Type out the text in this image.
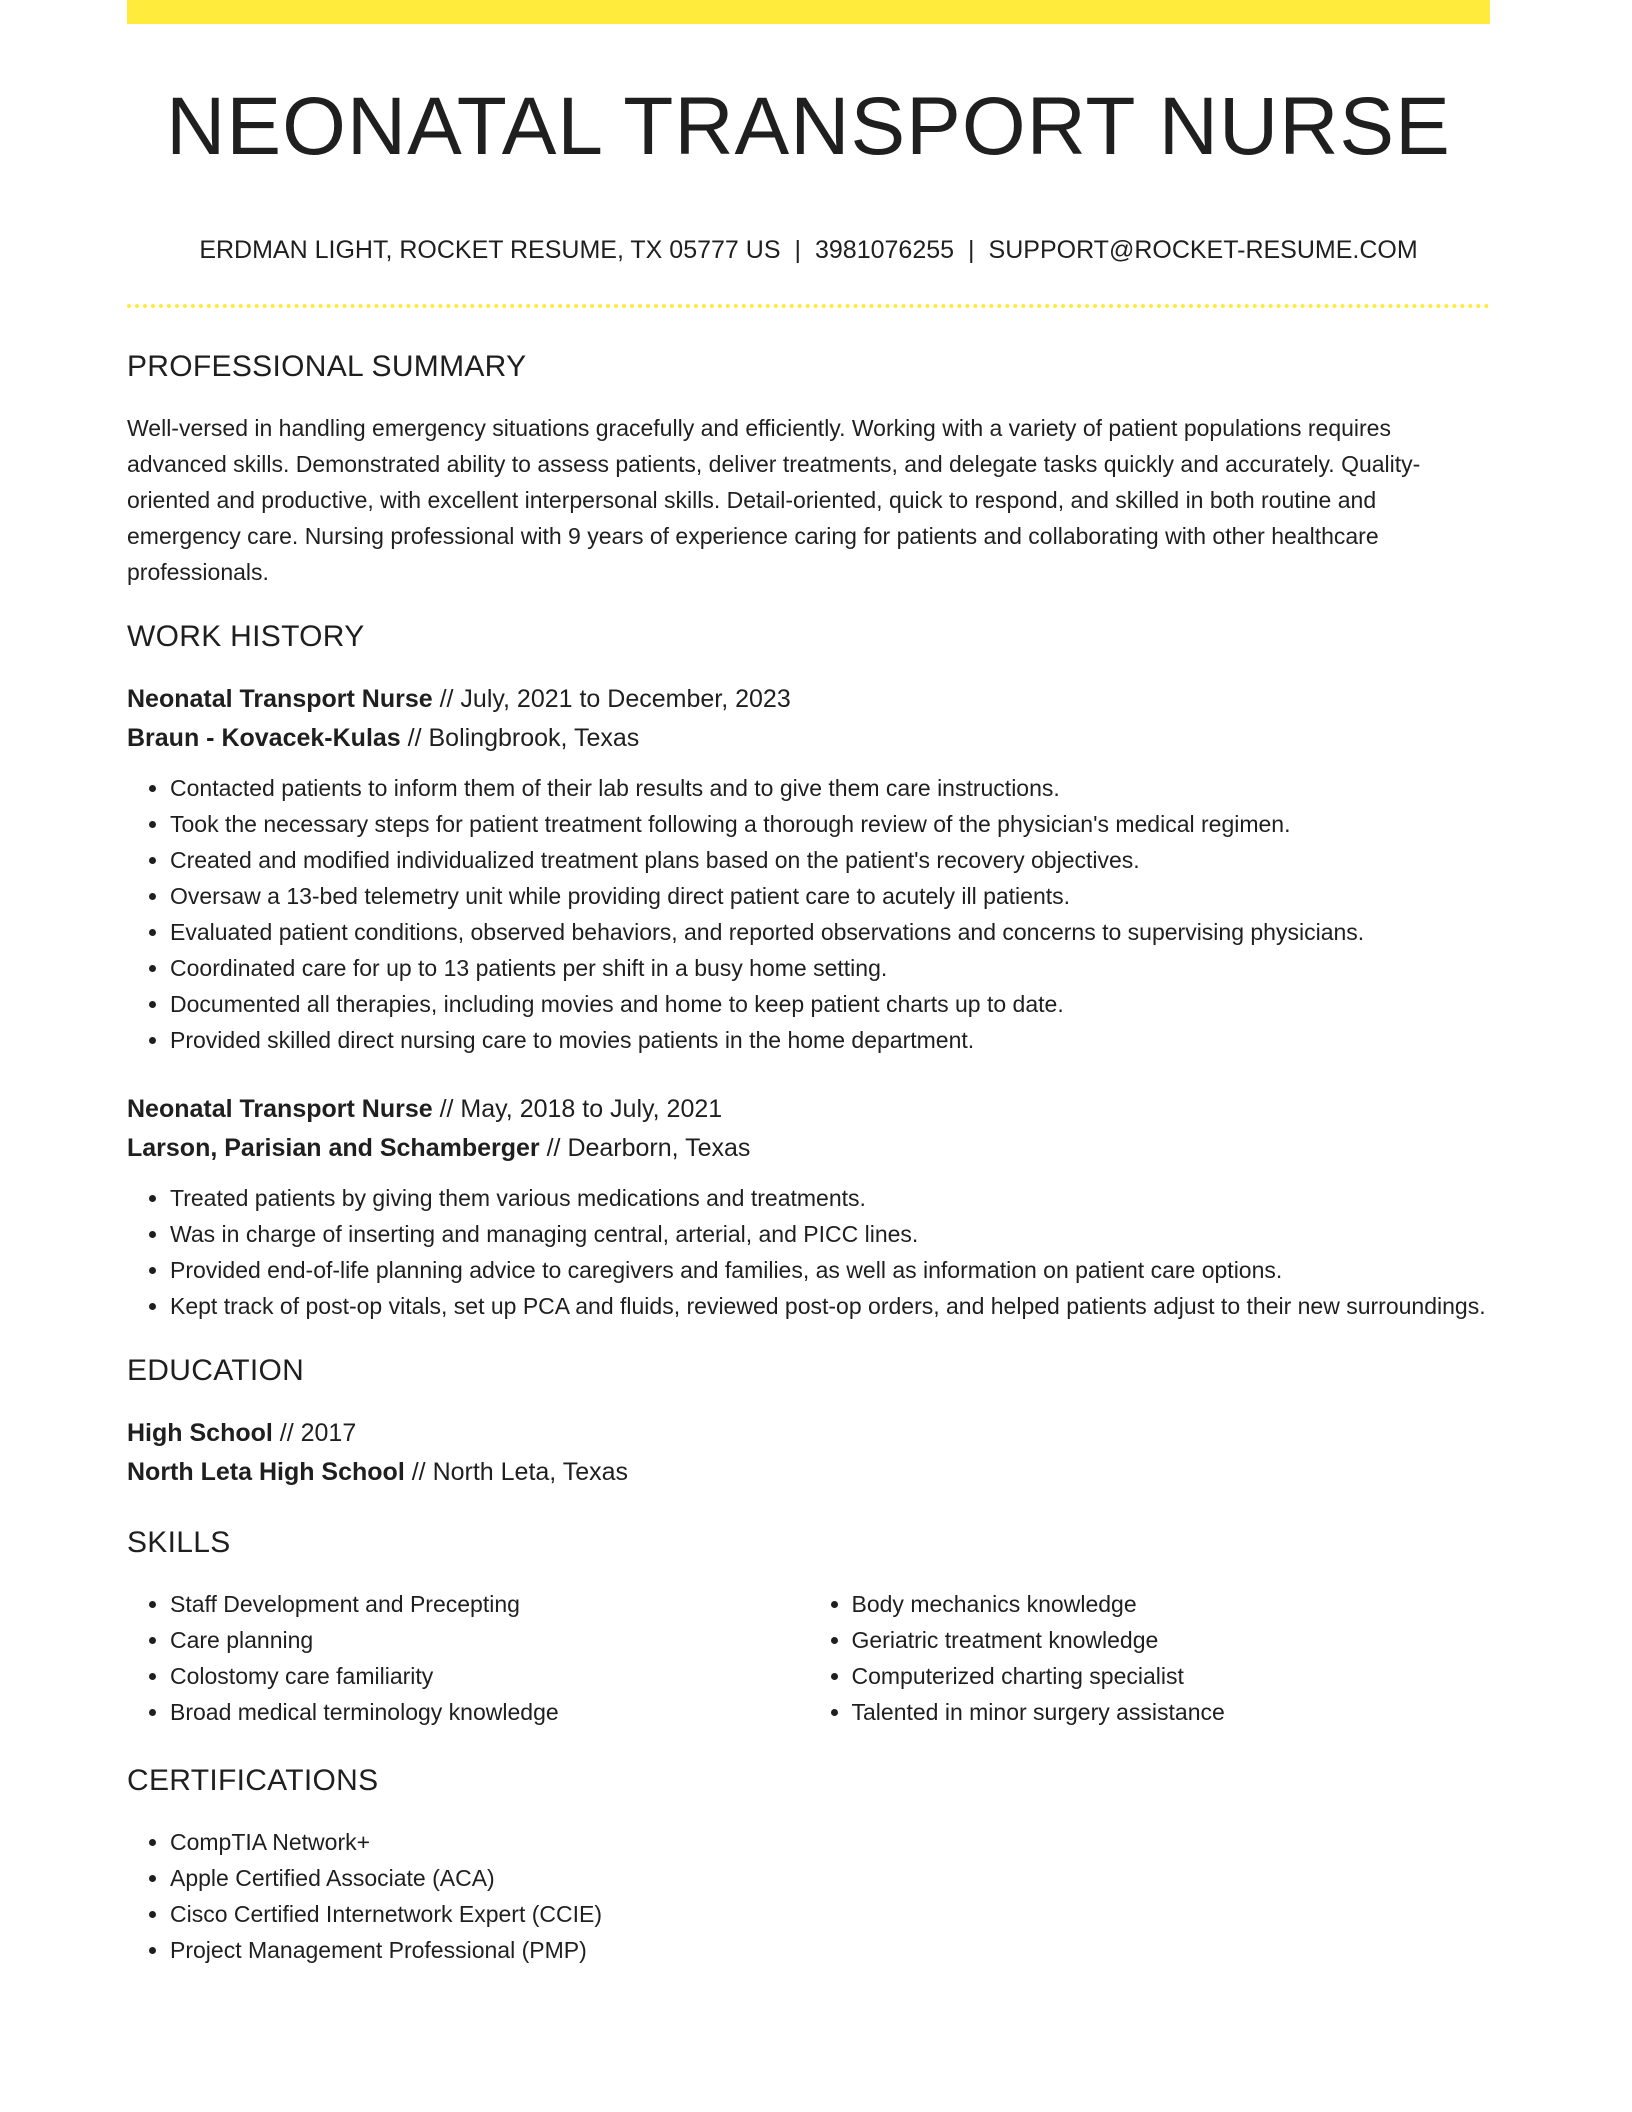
NEONATAL TRANSPORT NURSE
ERDMAN LIGHT, ROCKET RESUME, TX 05777 US | 3981076255 | SUPPORT@ROCKET-RESUME.COM
PROFESSIONAL SUMMARY

Well-versed in handling emergency situations gracefully and efficiently. Working with a variety of patient populations requires advanced skills. Demonstrated ability to assess patients, deliver treatments, and delegate tasks quickly and accurately. Quality-oriented and productive, with excellent interpersonal skills. Detail-oriented, quick to respond, and skilled in both routine and emergency care. Nursing professional with 9 years of experience caring for patients and collaborating with other healthcare professionals.

WORK HISTORY
Neonatal Transport Nurse // July, 2021 to December, 2023
Braun - Kovacek-Kulas // Bolingbrook, Texas
• Contacted patients to inform them of their lab results and to give them care instructions.
• Took the necessary steps for patient treatment following a thorough review of the physician's medical regimen.
• Created and modified individualized treatment plans based on the patient's recovery objectives.
• Oversaw a 13-bed telemetry unit while providing direct patient care to acutely ill patients.
• Evaluated patient conditions, observed behaviors, and reported observations and concerns to supervising physicians.
• Coordinated care for up to 13 patients per shift in a busy home setting.
• Documented all therapies, including movies and home to keep patient charts up to date.
• Provided skilled direct nursing care to movies patients in the home department.
Neonatal Transport Nurse // May, 2018 to July, 2021
Larson, Parisian and Schamberger // Dearborn, Texas
• Treated patients by giving them various medications and treatments.
• Was in charge of inserting and managing central, arterial, and PICC lines.
• Provided end-of-life planning advice to caregivers and families, as well as information on patient care options.
• Kept track of post-op vitals, set up PCA and fluids, reviewed post-op orders, and helped patients adjust to their new surroundings.
EDUCATION
High School // 2017
North Leta High School // North Leta, Texas
SKILLS
• Staff Development and Precepting
• Care planning
• Colostomy care familiarity
• Broad medical terminology knowledge
• Body mechanics knowledge
• Geriatric treatment knowledge
• Computerized charting specialist
• Talented in minor surgery assistance
CERTIFICATIONS
• CompTIA Network+
• Apple Certified Associate (ACA)
• Cisco Certified Internetwork Expert (CCIE)
• Project Management Professional (PMP)
